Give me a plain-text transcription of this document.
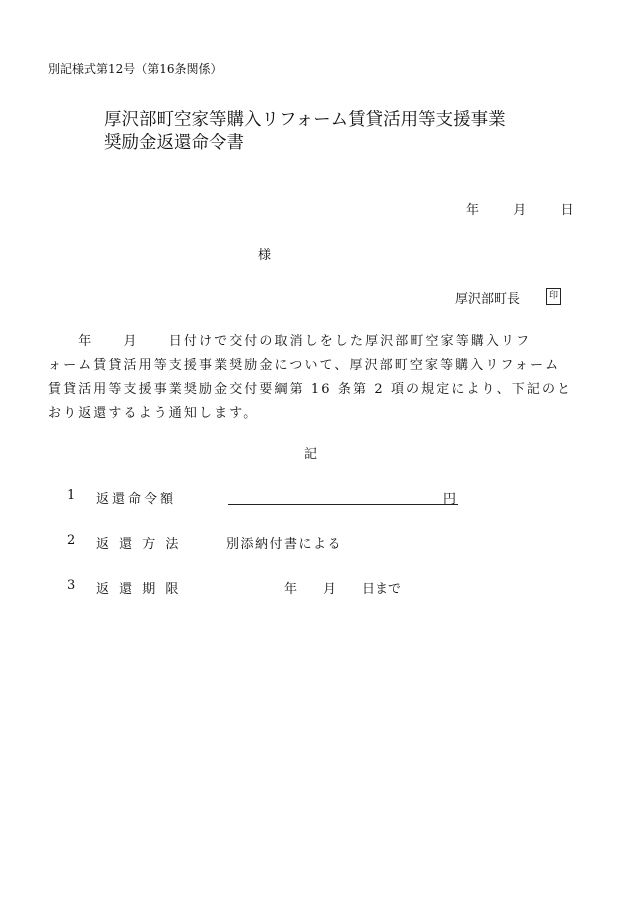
別記様式第12号（第16条関係）
厚沢部町空家等購入リフォーム賃貸活用等支援事業
奨励金返還命令書
年	月	日
様
厚沢部町長	印

　　年　　月　　日付けで交付の取消しをした厚沢部町空家等購入リフ

ォーム賃貸活用等支援事業奨励金について、厚沢部町空家等購入リフォーム

賃貸活用等支援事業奨励金交付要綱第 16 条第 2 項の規定により、下記のと

おり返還するよう通知します。

記
1 返還命令額	円
2 返 還 方 法	別添納付書による
3 返 還 期 限	年　　月　　日まで
